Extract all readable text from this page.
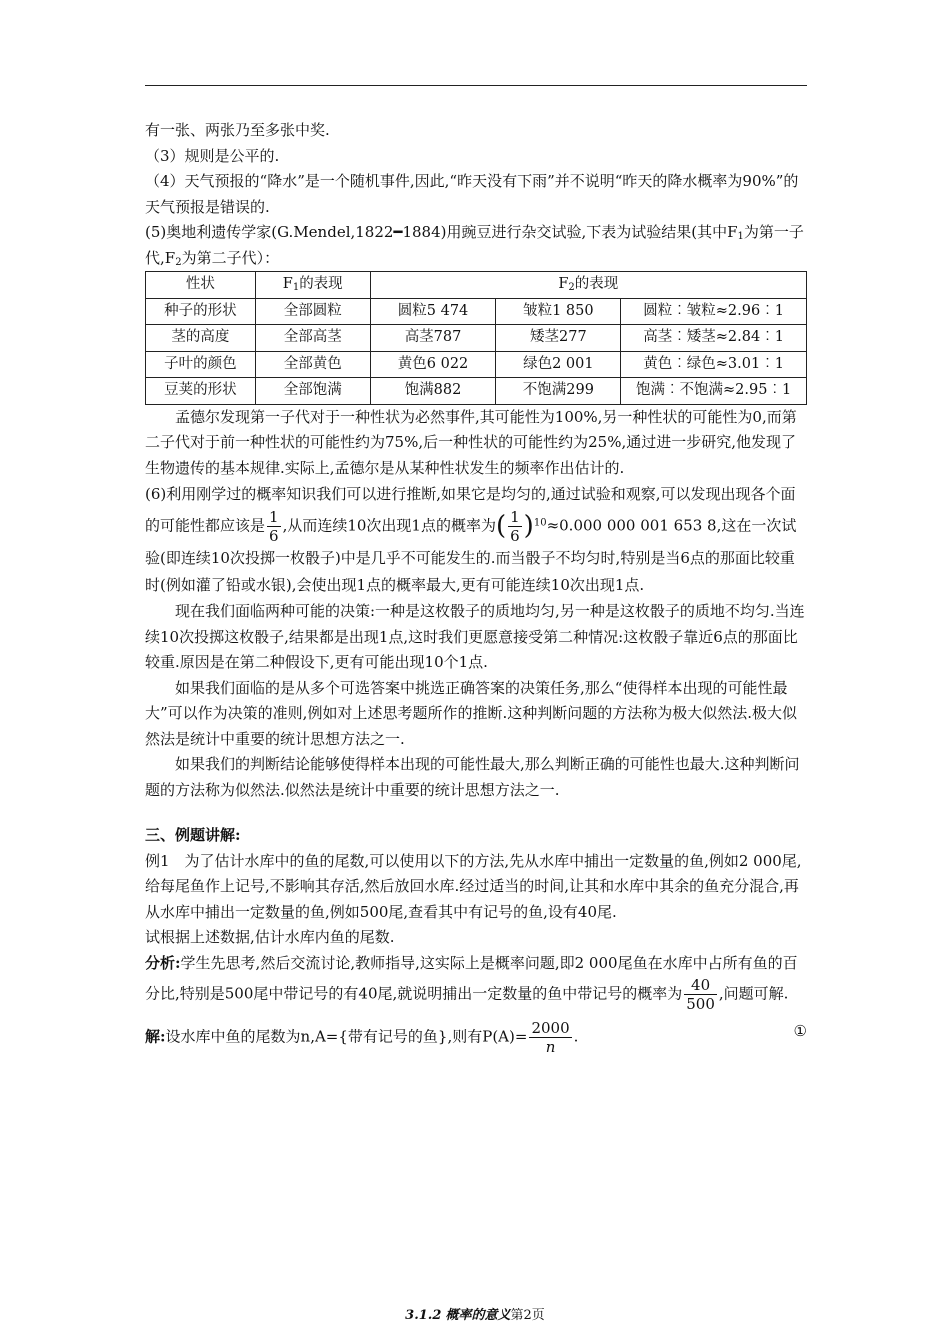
有一张、两张乃至多张中奖.

（3）规则是公平的.

（4）天气预报的“降水”是一个随机事件,因此,“昨天没有下雨”并不说明“昨天的降水概率为90%”的天气预报是错误的.

(5)奥地利遗传学家(G.Mendel,1822━1884)用豌豆进行杂交试验,下表为试验结果(其中$F_1$为第一子代$,F_2$为第二子代）：

性状	$F_1$的表现	$F_2$的表现		
种子的形状	全部圆粒	圆粒5 474	皱粒1 850	圆粒︰皱粒≈2.96︰1
茎的高度	全部高茎	高茎787	矮茎277	高茎︰矮茎≈2.84︰1
子叶的颜色	全部黄色	黄色6 022	绿色2 001	黄色︰绿色≈3.01︰1
豆荚的形状	全部饱满	饱满882	不饱满299	饱满︰不饱满≈2.95︰1

孟德尔发现第一子代对于一种性状为必然事件,其可能性为100%,另一种性状的可能性为0,而第二子代对于前一种性状的可能性约为75%,后一种性状的可能性约为25%,通过进一步研究,他发现了生物遗传的基本规律.实际上,孟德尔是从某种性状发生的频率作出估计的.

(6)利用刚学过的概率知识我们可以进行推断,如果它是均匀的,通过试验和观察,可以发现出现各个面的可能性都应该是 $\frac{1}{6}$ ,从而连续10次出现1点的概率为( $\frac{1}{6} )^{10}\approx 0.000$ 000 001 653 8,这在一次试验(即连续10次投掷一枚骰子)中是几乎不可能发生的.而当骰子不均匀时,特别是当6点的那面比较重时(例如灌了铅或水银),会使出现1点的概率最大,更有可能连续10次出现1点.

现在我们面临两种可能的决策:一种是这枚骰子的质地均匀,另一种是这枚骰子的质地不均匀.当连续10次投掷这枚骰子,结果都是出现1点,这时我们更愿意接受第二种情况:这枚骰子靠近6点的那面比较重.原因是在第二种假设下,更有可能出现10个1点.

如果我们面临的是从多个可选答案中挑选正确答案的决策任务,那么“使得样本出现的可能性最大”可以作为决策的准则,例如对上述思考题所作的推断.这种判断问题的方法称为极大似然法.极大似然法是统计中重要的统计思想方法之一.

如果我们的判断结论能够使得样本出现的可能性最大,那么判断正确的可能性也最大.这种判断问题的方法称为似然法.似然法是统计中重要的统计思想方法之一.

三、例题讲解:

例1　为了估计水库中的鱼的尾数,可以使用以下的方法,先从水库中捕出一定数量的鱼,例如2 000尾,给每尾鱼作上记号,不影响其存活,然后放回水库.经过适当的时间,让其和水库中其余的鱼充分混合,再从水库中捕出一定数量的鱼,例如500尾,查看其中有记号的鱼,设有40尾.

试根据上述数据,估计水库内鱼的尾数.

分析:学生先思考,然后交流讨论,教师指导,这实际上是概率问题,即2 000尾鱼在水库中占所有鱼的百分比,特别是500尾中带记号的有40尾,就说明捕出一定数量的鱼中带记号的概率为 $\frac{40}{500}$ ,问题可解.

解:设水库中鱼的尾数为n,A={带有记号的鱼},则有$P(A)= \frac{2000}{n}$ .	①

3.1.2 概率的意义第2页
